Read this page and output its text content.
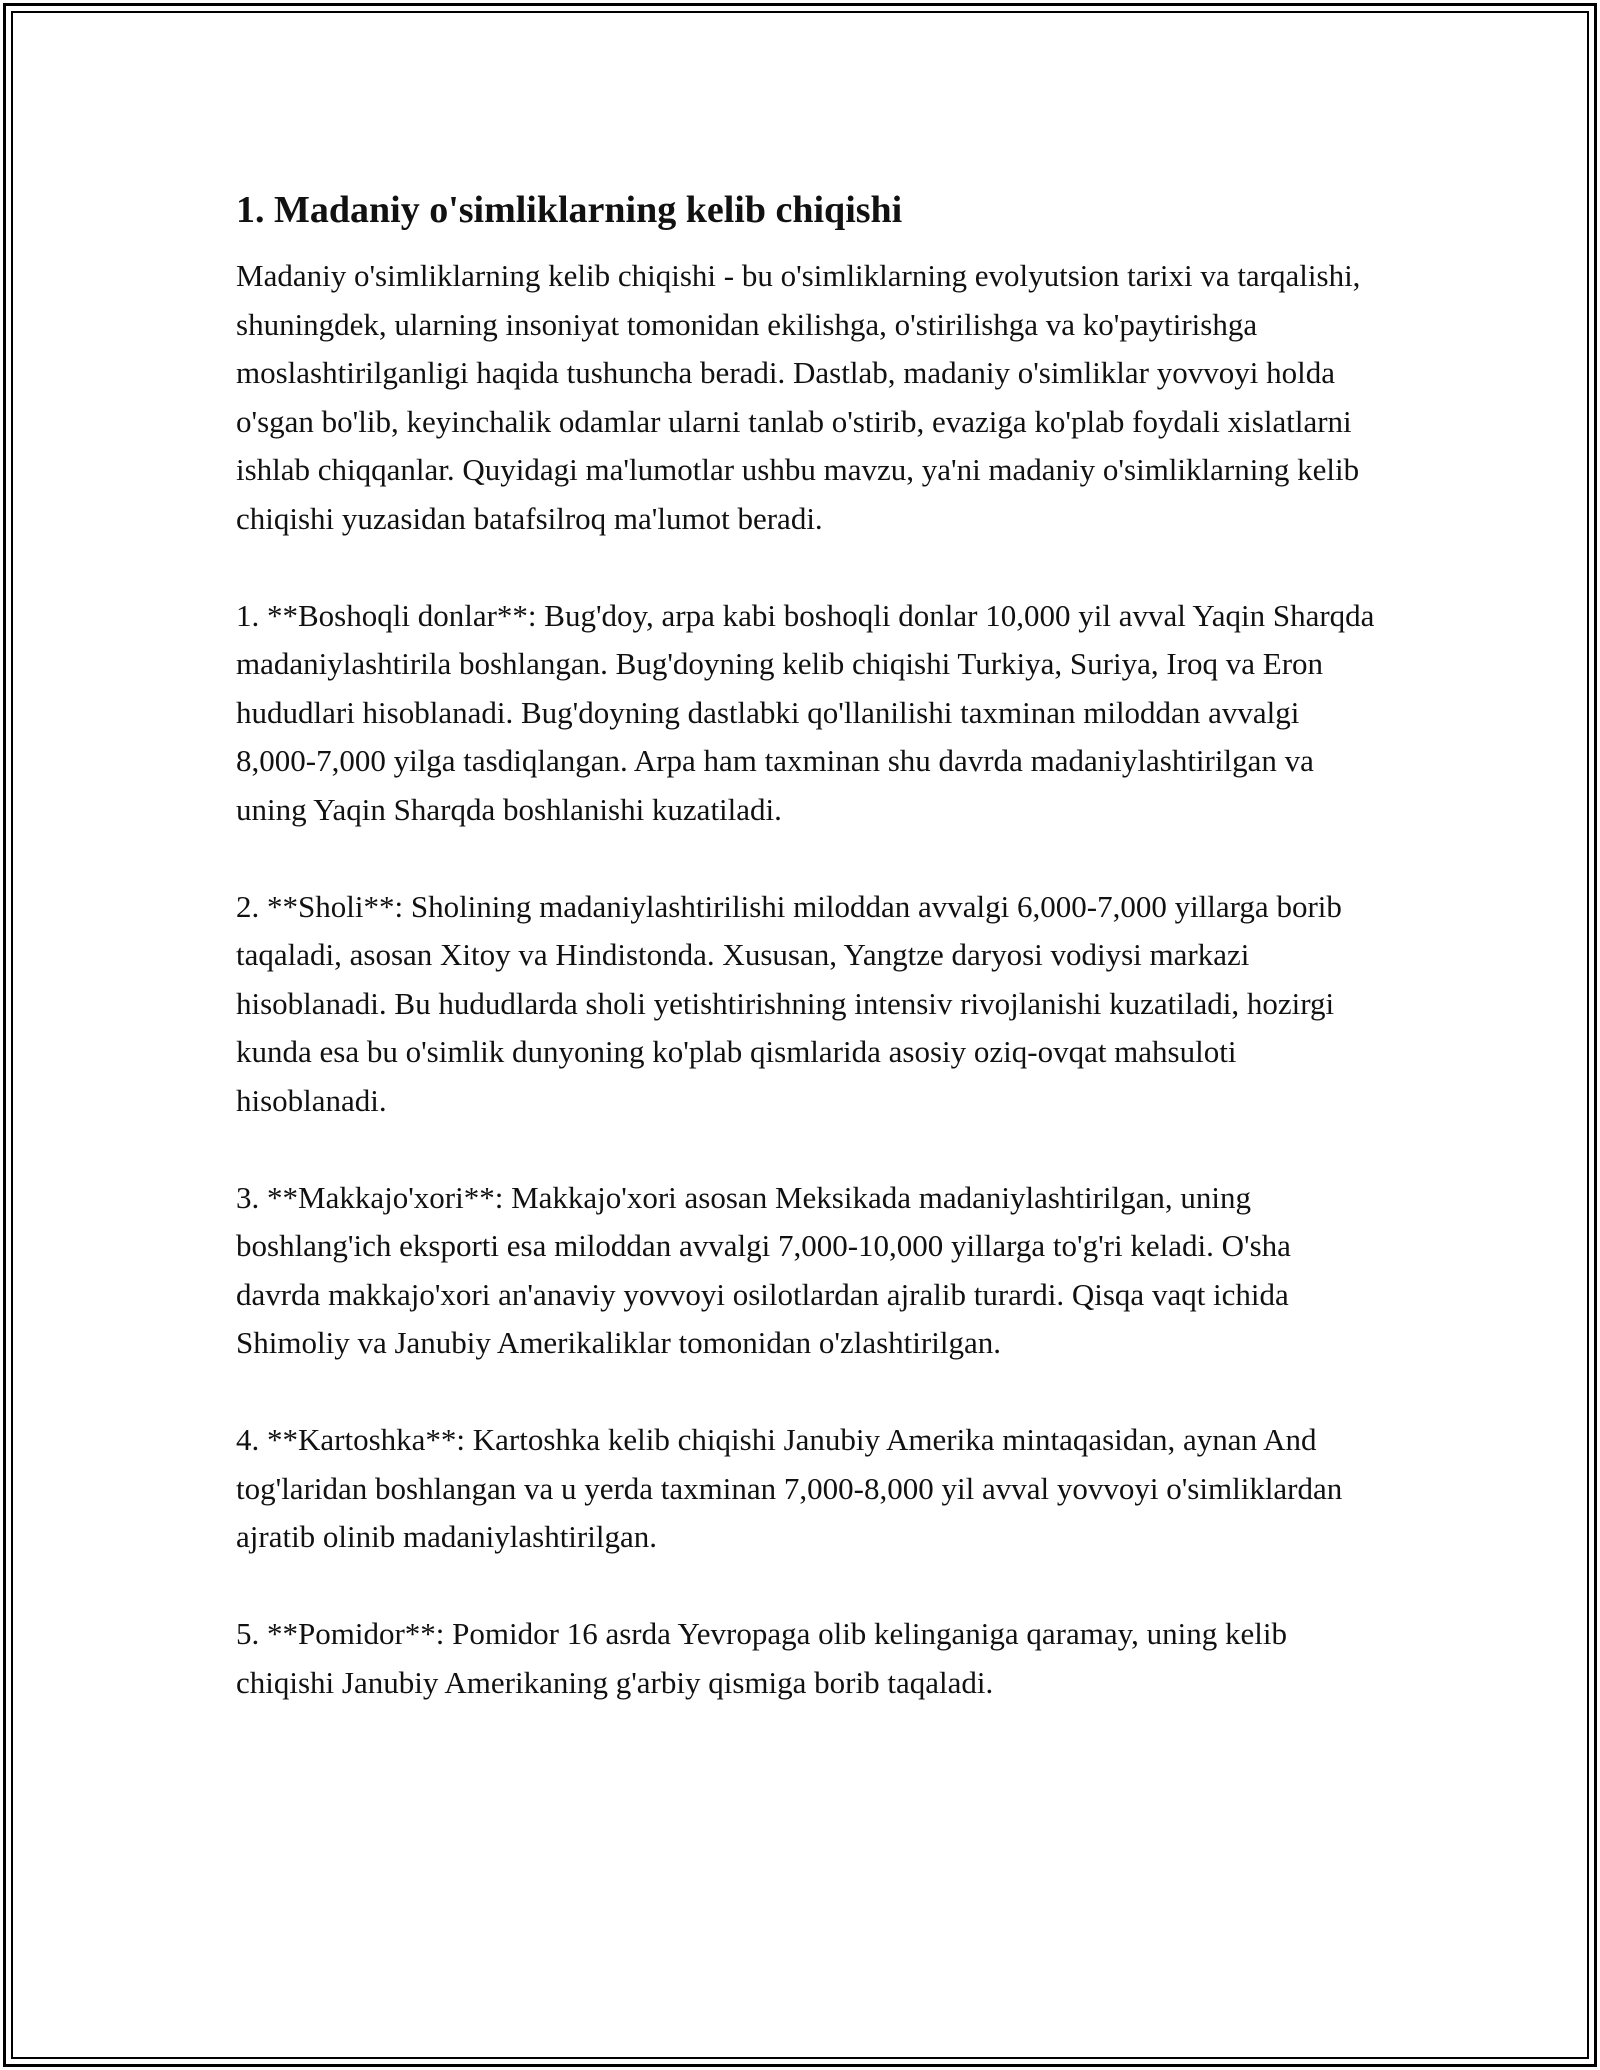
1. Madaniy o'simliklarning kelib chiqishi

Madaniy o'simliklarning kelib chiqishi - bu o'simliklarning evolyutsion tarixi va tarqalishi, shuningdek, ularning insoniyat tomonidan ekilishga, o'stirilishga va ko'paytirishga moslashtirilganligi haqida tushuncha beradi. Dastlab, madaniy o'simliklar yovvoyi holda o'sgan bo'lib, keyinchalik odamlar ularni tanlab o'stirib, evaziga ko'plab foydali xislatlarni ishlab chiqqanlar. Quyidagi ma'lumotlar ushbu mavzu, ya'ni madaniy o'simliklarning kelib chiqishi yuzasidan batafsilroq ma'lumot beradi.

1. **Boshoqli donlar**: Bug'doy, arpa kabi boshoqli donlar 10,000 yil avval Yaqin Sharqda madaniylashtirila boshlangan. Bug'doyning kelib chiqishi Turkiya, Suriya, Iroq va Eron hududlari hisoblanadi. Bug'doyning dastlabki qo'llanilishi taxminan miloddan avvalgi 8,000-7,000 yilga tasdiqlangan. Arpa ham taxminan shu davrda madaniylashtirilgan va uning Yaqin Sharqda boshlanishi kuzatiladi.

2. **Sholi**: Sholining madaniylashtirilishi miloddan avvalgi 6,000-7,000 yillarga borib taqaladi, asosan Xitoy va Hindistonda. Xususan, Yangtze daryosi vodiysi markazi hisoblanadi. Bu hududlarda sholi yetishtirishning intensiv rivojlanishi kuzatiladi, hozirgi kunda esa bu o'simlik dunyoning ko'plab qismlarida asosiy oziq-ovqat mahsuloti hisoblanadi.

3. **Makkajo'xori**: Makkajo'xori asosan Meksikada madaniylashtirilgan, uning boshlang'ich eksporti esa miloddan avvalgi 7,000-10,000 yillarga to'g'ri keladi. O'sha davrda makkajo'xori an'anaviy yovvoyi osilotlardan ajralib turardi. Qisqa vaqt ichida Shimoliy va Janubiy Amerikaliklar tomonidan o'zlashtirilgan.

4. **Kartoshka**: Kartoshka kelib chiqishi Janubiy Amerika mintaqasidan, aynan And tog'laridan boshlangan va u yerda taxminan 7,000-8,000 yil avval yovvoyi o'simliklardan ajratib olinib madaniylashtirilgan.

5. **Pomidor**: Pomidor 16 asrda Yevropaga olib kelinganiga qaramay, uning kelib chiqishi Janubiy Amerikaning g'arbiy qismiga borib taqaladi.
